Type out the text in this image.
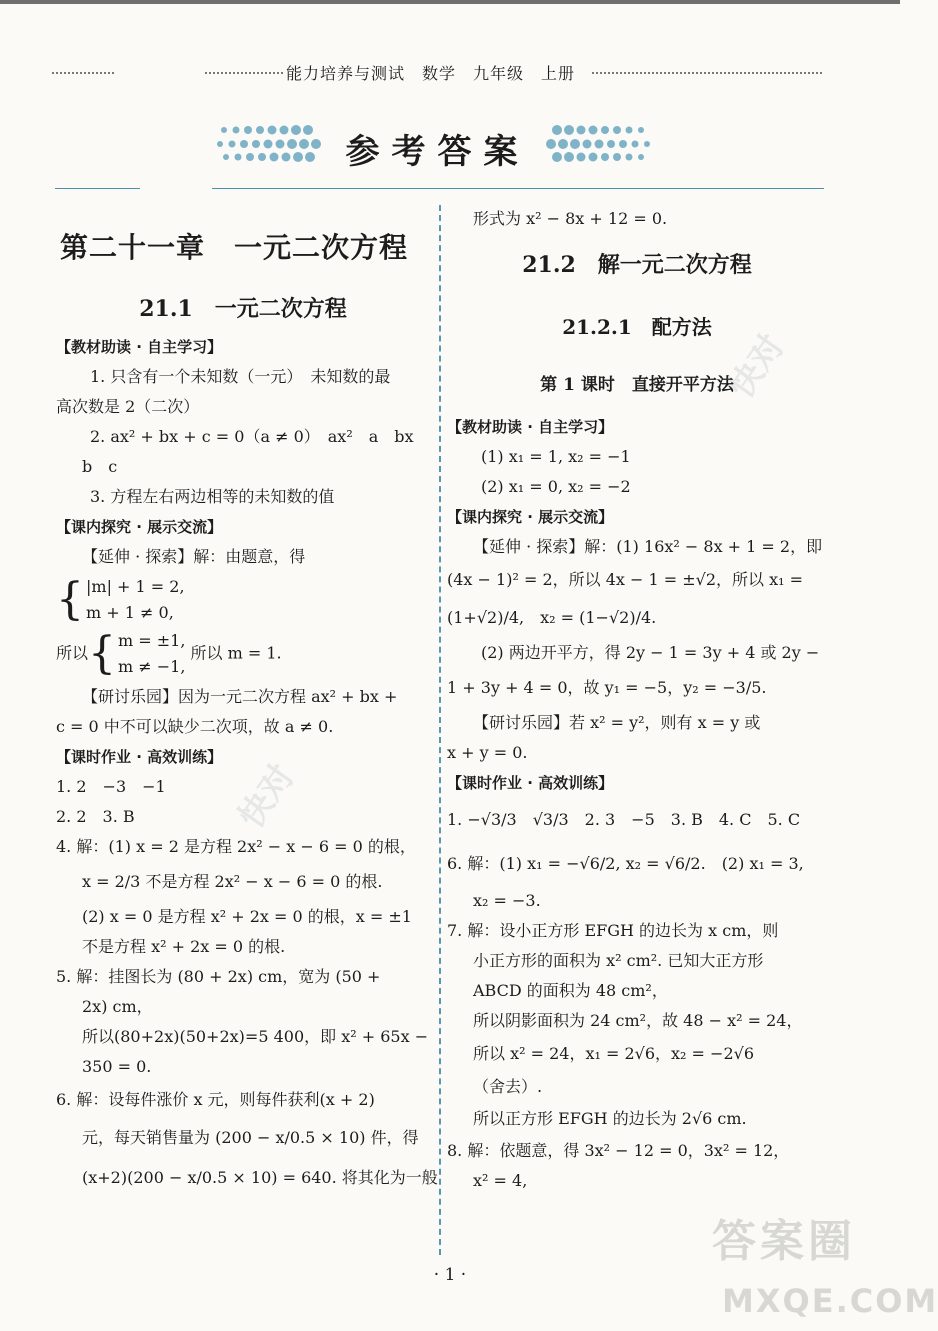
能力培养与测试　数学　九年级　上册
参考答案
第二十一章　一元二次方程
21.1　一元二次方程
【教材助读 · 自主学习】
1. 只含有一个未知数（一元）　未知数的最
高次数是 2（二次）
2. ax² + bx + c = 0（a ≠ 0）　ax²　a　bx
b　c
3. 方程左右两边相等的未知数的值
【课内探究 · 展示交流】
【延伸 · 探索】解：由题意，得
{ |m| + 1 = 2,
m + 1 ≠ 0,
所以{ m = ±1,
m ≠ −1, 所以 m = 1.
【研讨乐园】因为一元二次方程 ax² + bx +
c = 0 中不可以缺少二次项，故 a ≠ 0.
【课时作业 · 高效训练】
1. 2　−3　−1
2. 2　3. B
4. 解：(1) x = 2 是方程 2x² − x − 6 = 0 的根，
x = 2/3 不是方程 2x² − x − 6 = 0 的根.
(2) x = 0 是方程 x² + 2x = 0 的根，x = ±1
不是方程 x² + 2x = 0 的根.
5. 解：挂图长为 (80 + 2x) cm，宽为 (50 +
2x) cm，
所以(80+2x)(50+2x)=5 400，即 x² + 65x −
350 = 0.
6. 解：设每件涨价 x 元，则每件获利(x + 2)
元，每天销售量为 (200 − x/0.5 × 10) 件，得
(x+2)(200 − x/0.5 × 10) = 640. 将其化为一般
形式为 x² − 8x + 12 = 0.
21.2　解一元二次方程
21.2.1　配方法
第 1 课时　直接开平方法
【教材助读 · 自主学习】
(1) x₁ = 1, x₂ = −1
(2) x₁ = 0, x₂ = −2
【课内探究 · 展示交流】
【延伸 · 探索】解：(1) 16x² − 8x + 1 = 2，即
(4x − 1)² = 2，所以 4x − 1 = ±√2，所以 x₁ =
(1+√2)/4,　x₂ = (1−√2)/4.
(2) 两边开平方，得 2y − 1 = 3y + 4 或 2y −
1 + 3y + 4 = 0，故 y₁ = −5，y₂ = −3/5.
【研讨乐园】若 x² = y²，则有 x = y 或
x + y = 0.
【课时作业 · 高效训练】
1. −√3/3　√3/3　2. 3　−5　3. B　4. C　5. C
6. 解：(1) x₁ = −√6/2, x₂ = √6/2.　(2) x₁ = 3,
x₂ = −3.
7. 解：设小正方形 EFGH 的边长为 x cm，则
小正方形的面积为 x² cm². 已知大正方形
ABCD 的面积为 48 cm²，
所以阴影面积为 24 cm²，故 48 − x² = 24，
所以 x² = 24，x₁ = 2√6，x₂ = −2√6
（舍去）.
所以正方形 EFGH 的边长为 2√6 cm.
8. 解：依题意，得 3x² − 12 = 0，3x² = 12，
x² = 4,
快对
快对
答案圈
MXQE.COM
· 1 ·
